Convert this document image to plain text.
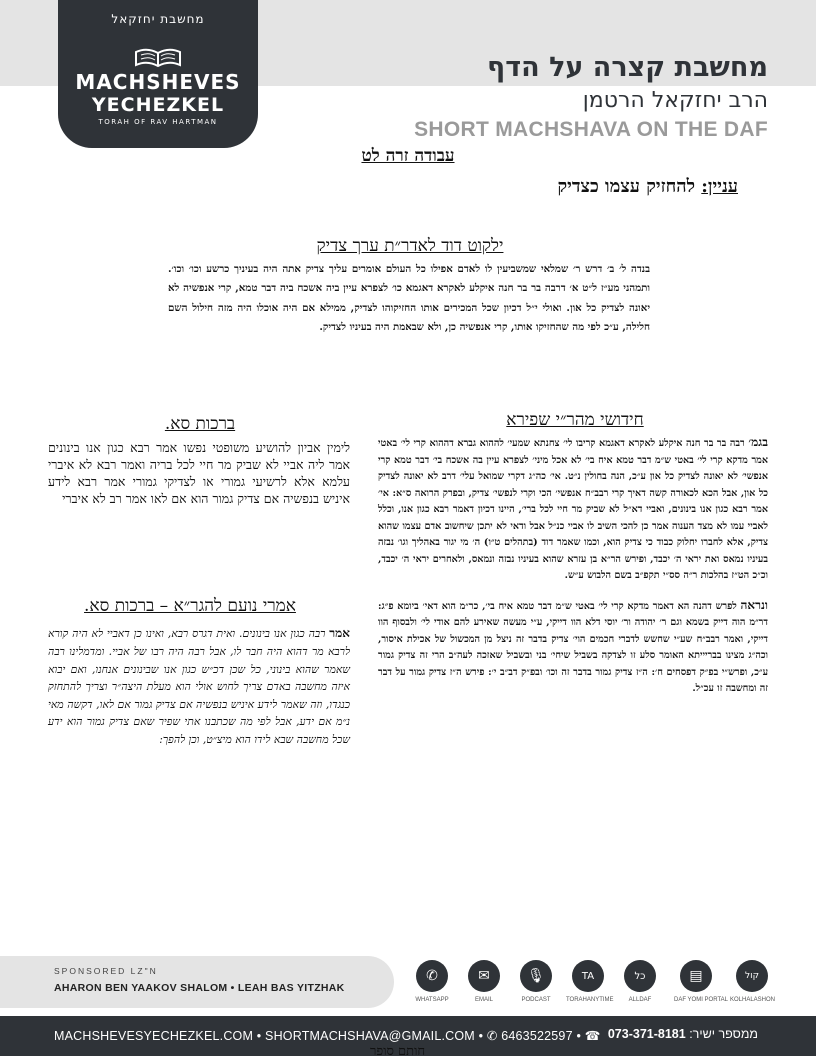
מחשבת יחזקאל
MACHSHEVES
YECHEZKEL
TORAH OF RAV HARTMAN
מחשבת קצרה על הדף
הרב יחזקאל הרטמן
SHORT MACHSHAVA ON THE DAF
עבודה זרה לט
עניין: להחזיק עצמו כצדיק
ילקוט דוד לאדר״ת ערך צדיק

בנדה ל׳ ב׳ דרש ר׳ שמלאי שמשביעין לו לאדם אפילו כל העולם אומרים עליך צדיק אתה היה בעיניך כרשע וכו׳ וכו׳. ותמהני מע״ז ל״ט א׳ דרבה בר בר חנה איקלע לאקרא דאגמא כו׳ לצפרא עיין ביה אשכח ביה דבר טמא, קרי אנפשיה לא יאונה לצדיק כל און. ואולי י״ל דכיון שכל המכירים אותו החזיקוהו לצדיק, ממילא אם היה אוכלו היה מזה חילול השם חלילה, ע״כ לפי מה שהחזיקו אותו, קרי אנפשיה כן, ולא שבאמת היה בעיניו לצדיק.

חידושי מהר״י שפירא

בגמ׳ רבה בר בר חנה איקלע לאקרא דאגמא קריבו לי׳ צחנתא שמעי׳ לההוא גברא דההוא קרי לי׳ באטי אמר מדקא קרי לי׳ באטי ש״מ דבר טמא איח בי׳ לא אכל מיני׳ לצפרא עיין בה אשכח בי׳ דבר טמא קרי אנפשי׳ לא יאונה לצדיק כל און ע״כ, הנה בחולין נ״ט. אי׳ כה״ג דקרי שמואל עלי׳ דרב לא יאונה לצדיק כל און, אבל הכא לכאורה קשה דאיך קרי רבב״ח אנפשי׳ הכי וקרי לנפשי׳ צדיק, ובפרק הרואה ס״א: אי׳ אמר רבא כגון אנו בינונים, ואביי דא״ל לא שביק מר חיי לכל ברי׳, היינו דכיון דאמר רבא כגון אנו, וכלל לאביי עמו לא מצד הענוה אמר כן להכי השיב לו אביי כנ״ל אבל ודאי לא יתכן שיחשוב אדם עצמו שהוא צדיק, אלא לחברו יחלוק כבוד כי צדיק הוא, וכמו שאמר דוד (בתהלים ט״ו) ה׳ מי יגור באהליך וגו׳ נבזה בעיניו נמאס ואת יראי ה׳ יכבד, ופירש הר״א בן עזרא שהוא בעיניו נבזה ונמאס, ולאחרים יראי ה׳ יכבד, וכ״כ הט״ז בהלכות ר״ה סס״י תקפ״ב בשם הלבוש ע״ש.

ונראה לפרש דהנה הא דאמר מדקא קרי לי׳ באטי ש״מ דבר טמא איח בי׳, כר״מ הוא דאי׳ ביומא פ״ג: דר״מ הוה דייק בשמא וגם ר׳ יהודה ור׳ יוסי דלא הוו דייקי, ע״י מעשה שאירע להם אודי לי׳ ולבסוף הוו דייקי, ואמר רבב״ח שע״י שחשש לדברי חכמים הוי׳ צדיק בדבר זה ניצל מן המכשול של אכילת איסור, וכה״ג מצינו בבריייתא האומר סלע זו לצדקה בשביל שיחי׳ בני ובשביל שאזכה לעה״ב הרי זה צדיק גמור ע״כ, ופרש״י בפ״ק דפסחים ח׳: ה״ז צדיק גמור בדבר זה וכו׳ ובפ״ק דב״ב י׳: פירש ה״ז צדיק גמור על דבר זה ומחשבה זו עכ״ל.

ברכות סא.

לימין אביון להושיע משופטי נפשו אמר רבא כגון אנו בינונים אמר ליה אביי לא שביק מר חיי לכל בריה ואמר רבא לא איברי עלמא אלא לרשיעי גמורי או לצדיקי גמורי אמר רבא לידע איניש בנפשיה אם צדיק גמור הוא אם לאו אמר רב לא איברי

אמרי נועם להגר״א – ברכות סא.

אמר רבה כגון אנו בינונים. ואית דגרס רבא, ואינו כן דאביי לא היה קורא לרבא מר דהוא היה חבר לו, אבל רבה היה רבו של אביי. ומדמלינו רבה שאמר שהוא בינוני, כל שכן דכ״ש כגון אנו שבינונים אנחנו, ואם יבוא איזה מחשבה באדם צריך לחוש אולי הוא מעלת היצה״ר וצריך להתחזק כנגדו, וזה שאמר לידע איניש בנפשיה אם צדיק גמור אם לאו, דקשה מאי נ״מ אם ידע, אבל לפי מה שכתבנו אתי שפיר שאם צדיק גמור הוא ידע שכל מחשבה שבא לידו הוא מיצ״ט, וכן להפך:

SPONSORED LZ"N
AHARON BEN YAAKOV SHALOM • LEAH BAS YITZHAK
✆
WHATSAPP
✉
EMAIL
🎙
PODCAST
TA
TORAHANYTIME
כל
ALLDAF
▤
DAF YOMI PORTAL
קול
KOLHALASHON
MACHSHEVESYECHEZKEL.COM • SHORTMACHSHAVA@GMAIL.COM • ✆ 6463522597 • ☎	ממספר ישיר: 073-371-8181
חותם סופר
